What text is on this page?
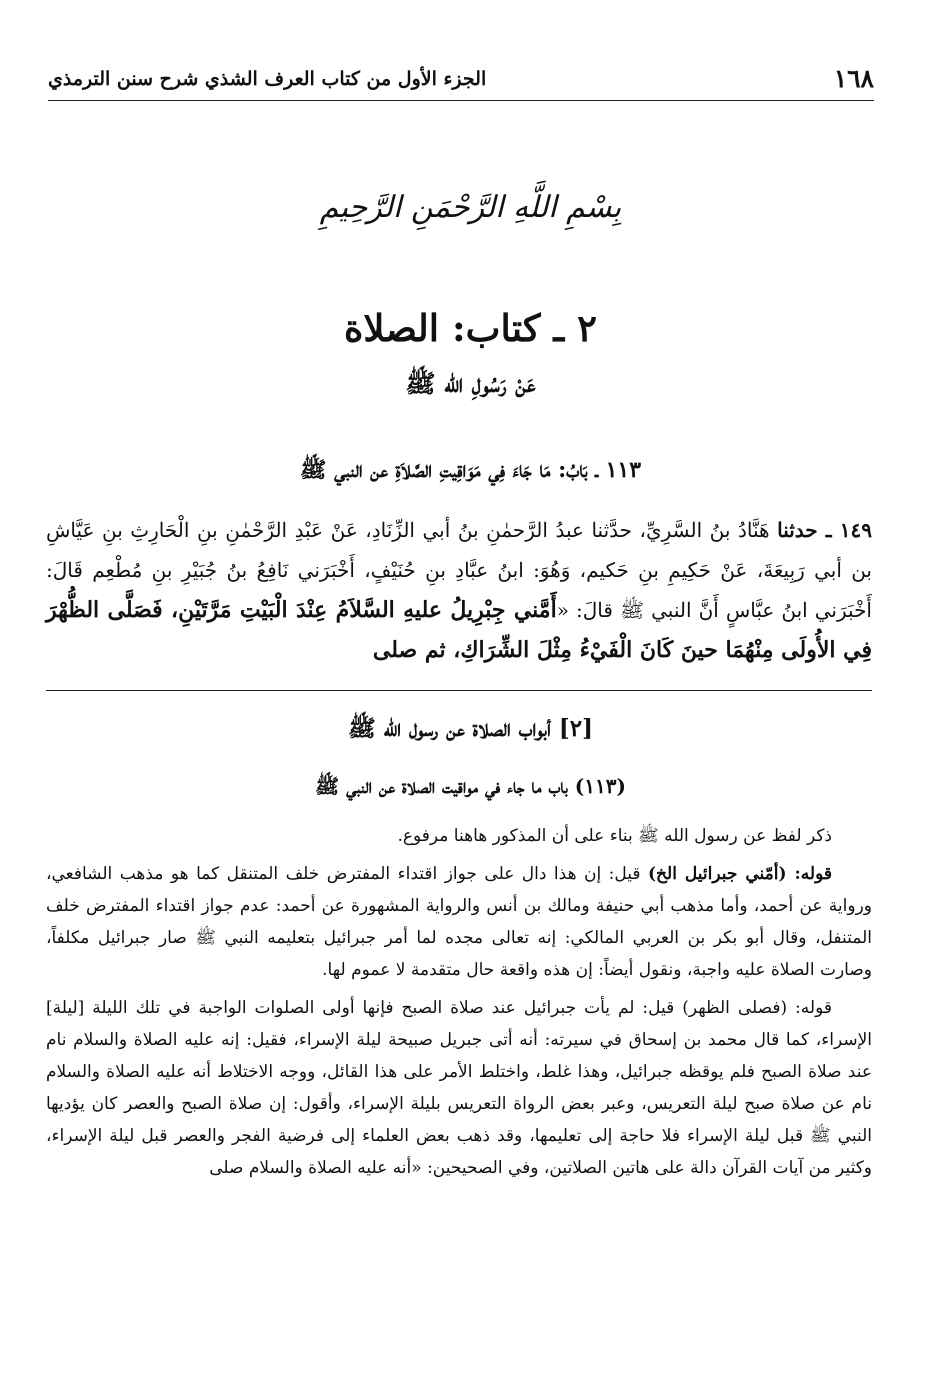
١٦٨
الجزء الأول من كتاب العرف الشذي شرح سنن الترمذي
بِسْمِ اللَّهِ الرَّحْمَنِ الرَّحِيمِ
٢ ـ كتاب: الصلاة
عَنْ رَسُولِ الله ﷺ
١١٣ ـ بَابُ: مَا جَاءَ فِي مَوَاقِيتِ الصَّلاَةِ عن النبي ﷺ
١٤٩ ـ حدثنا هَنَّادُ بنُ السَّرِيِّ، حدَّثنا عبدُ الرَّحمٰنِ بنُ أبي الزِّنَادِ، عَنْ عَبْدِ الرَّحْمٰنِ بنِ الْحَارِثِ بنِ عَيَّاشِ بن أبي رَبِيعَةَ، عَنْ حَكِيمِ بنِ حَكيم، وَهُوَ: ابنُ عبَّادِ بنِ حُنَيْفٍ، أَخْبَرَني نَافِعُ بنُ جُبَيْرِ بنِ مُطْعِم قَالَ: أَخْبَرَني ابنُ عبَّاسٍ أَنَّ النبي ﷺ قالَ: «أَمَّني جِبْرِيلُ عليهِ السَّلاَمُ عِنْدَ الْبَيْتِ مَرَّتَيْنِ، فَصَلَّى الظُّهْرَ فِي الأُولَى مِنْهُمَا حينَ كَانَ الْفَيْءُ مِثْلَ الشِّرَاكِ، ثم صلى
[٢] أبواب الصلاة عن رسول الله ﷺ
(١١٣) باب ما جاء في مواقيت الصلاة عن النبي ﷺ

ذكر لفظ عن رسول الله ﷺ بناء على أن المذكور هاهنا مرفوع.

قوله: (أمّني جبرائيل الخ) قيل: إن هذا دال على جواز اقتداء المفترض خلف المتنقل كما هو مذهب الشافعي، ورواية عن أحمد، وأما مذهب أبي حنيفة ومالك بن أنس والرواية المشهورة عن أحمد: عدم جواز اقتداء المفترض خلف المتنفل، وقال أبو بكر بن العربي المالكي: إنه تعالى مجده لما أمر جبرائيل بتعليمه النبي ﷺ صار جبرائيل مكلفاً، وصارت الصلاة عليه واجبة، ونقول أيضاً: إن هذه واقعة حال متقدمة لا عموم لها.

قوله: (فصلى الظهر) قيل: لم يأت جبرائيل عند صلاة الصبح فإنها أولى الصلوات الواجبة في تلك الليلة [ليلة] الإسراء، كما قال محمد بن إسحاق في سيرته: أنه أتى جبريل صبيحة ليلة الإسراء، فقيل: إنه عليه الصلاة والسلام نام عند صلاة الصبح فلم يوقظه جبرائيل، وهذا غلط، واختلط الأمر على هذا القائل، ووجه الاختلاط أنه عليه الصلاة والسلام نام عن صلاة صبح ليلة التعريس، وعبر بعض الرواة التعريس بليلة الإسراء، وأقول: إن صلاة الصبح والعصر كان يؤديها النبي ﷺ قبل ليلة الإسراء فلا حاجة إلى تعليمها، وقد ذهب بعض العلماء إلى فرضية الفجر والعصر قبل ليلة الإسراء، وكثير من آيات القرآن دالة على هاتين الصلاتين، وفي الصحيحين: «أنه عليه الصلاة والسلام صلى
